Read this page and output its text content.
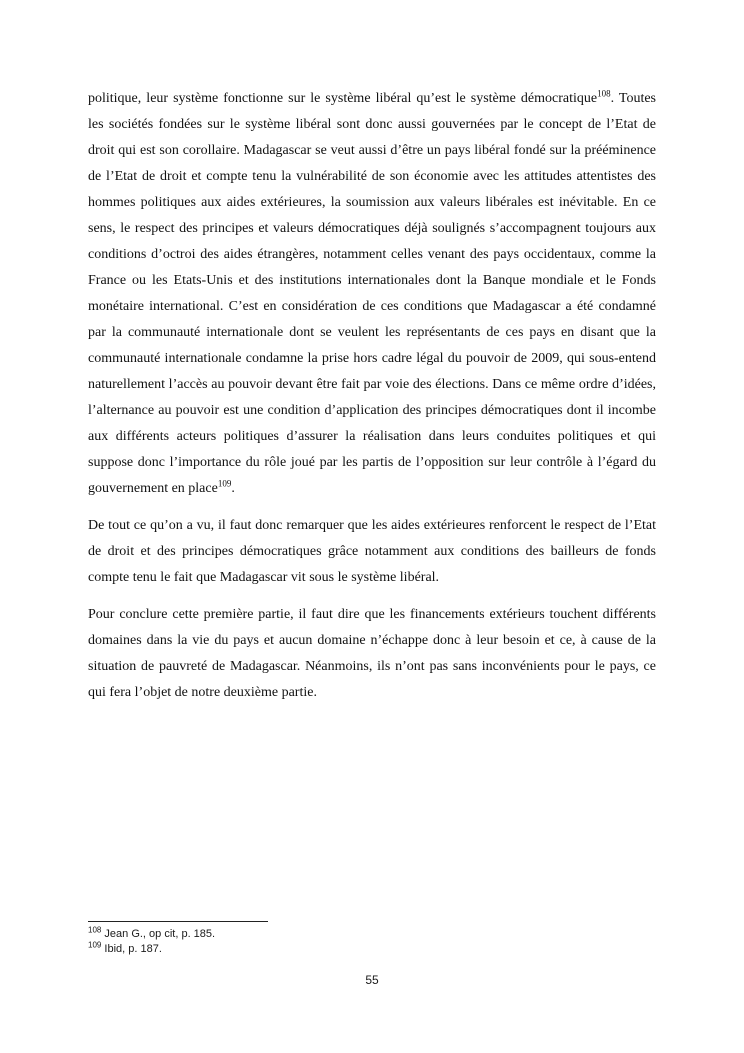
politique, leur système fonctionne sur le système libéral qu’est le système démocratique$^{108}$. Toutes les sociétés fondées sur le système libéral sont donc aussi gouvernées par le concept de l’Etat de droit qui est son corollaire. Madagascar se veut aussi d’être un pays libéral fondé sur la prééminence de l’Etat de droit et compte tenu la vulnérabilité de son économie avec les attitudes attentistes des hommes politiques aux aides extérieures, la soumission aux valeurs libérales est inévitable. En ce sens, le respect des principes et valeurs démocratiques déjà soulignés s’accompagnent toujours aux conditions d’octroi des aides étrangères, notamment celles venant des pays occidentaux, comme la France ou les Etats-Unis et des institutions internationales dont la Banque mondiale et le Fonds monétaire international. C’est en considération de ces conditions que Madagascar a été condamné par la communauté internationale dont se veulent les représentants de ces pays en disant que la communauté internationale condamne la prise hors cadre légal du pouvoir de 2009, qui sous-entend naturellement l’accès au pouvoir devant être fait par voie des élections. Dans ce même ordre d’idées, l’alternance au pouvoir est une condition d’application des principes démocratiques dont il incombe aux différents acteurs politiques d’assurer la réalisation dans leurs conduites politiques et qui suppose donc l’importance du rôle joué par les partis de l’opposition sur leur contrôle à l’égard du gouvernement en place$^{109}$.

De tout ce qu’on a vu, il faut donc remarquer que les aides extérieures renforcent le respect de l’Etat de droit et des principes démocratiques grâce notamment aux conditions des bailleurs de fonds compte tenu le fait que Madagascar vit sous le système libéral.

Pour conclure cette première partie, il faut dire que les financements extérieurs touchent différents domaines dans la vie du pays et aucun domaine n’échappe donc à leur besoin et ce, à cause de la situation de pauvreté de Madagascar. Néanmoins, ils n’ont pas sans inconvénients pour le pays, ce qui fera l’objet de notre deuxième partie.

$^{108}$ Jean G., op cit, p. 185.
$^{109}$ Ibid, p. 187.
55
